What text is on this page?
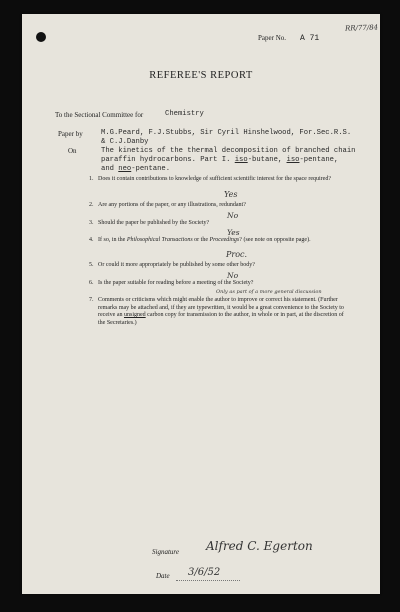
RR/77/84
Paper No. A 71
REFEREE'S REPORT
To the Sectional Committee for	Chemistry
Paper by	M.G.Peard, F.J.Stubbs, Sir Cyril Hinshelwood, For.Sec.R.S.
& C.J.Danby
On	The kinetics of the thermal decomposition of branched chain
paraffin hydrocarbons. Part I. iso-butane, iso-pentane,
and neo-pentane.
1. Does it contain contributions to knowledge of sufficient scientific interest for the space required?
Yes
2. Are any portions of the paper, or any illustrations, redundant?
No
3. Should the paper be published by the Society?
Yes
4. If so, in the Philosophical Transactions or the Proceedings? (see note on opposite page).
Proc.
5. Or could it more appropriately be published by some other body?
No
6. Is the paper suitable for reading before a meeting of the Society?
Only as part of a more general discussion
7. Comments or criticisms which might enable the author to improve or correct his statement. (Further remarks may be attached and, if they are typewritten, it would be a great convenience to the Society to receive an unsigned carbon copy for transmission to the author, in whole or in part, at the discretion of the Secretaries.)
Signature Alfred C. Egerton
Date 3/6/52
